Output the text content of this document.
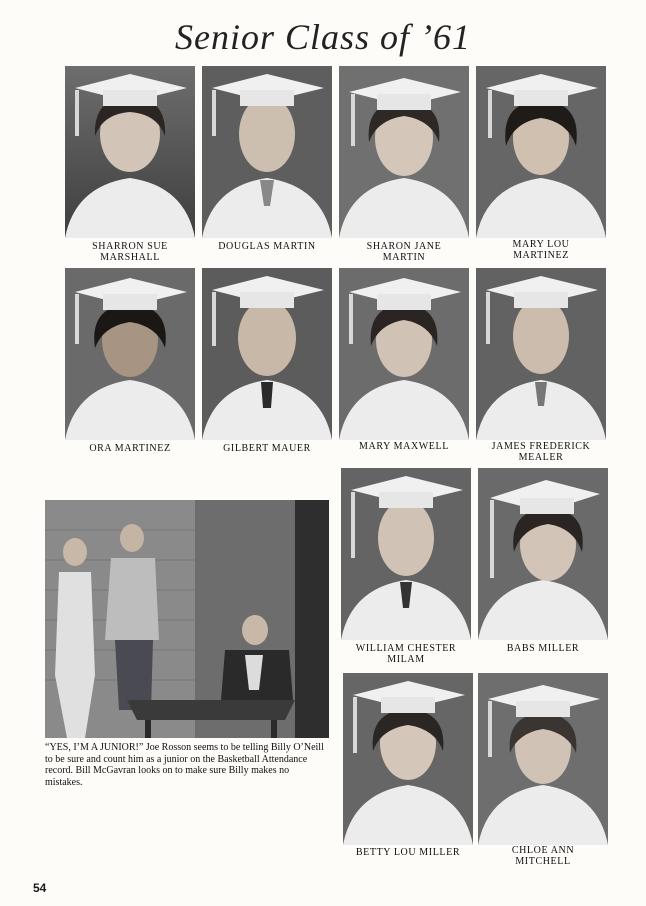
Senior Class of ’61
SHARRON SUE
MARSHALL
DOUGLAS MARTIN	SHARON JANE
MARTIN
MARY LOU
MARTINEZ
ORA MARTINEZ	GILBERT MAUER	MARY MAXWELL	JAMES FREDERICK
MEALER
“YES, I’M A JUNIOR!” Joe Rosson seems to be telling Billy O’Neill to be sure and count him as a junior on the Basketball Attendance record. Bill McGavran looks on to make sure Billy makes no mistakes.
WILLIAM CHESTER
MILAM
BABS MILLER
BETTY LOU MILLER	CHLOE ANN
MITCHELL
54
